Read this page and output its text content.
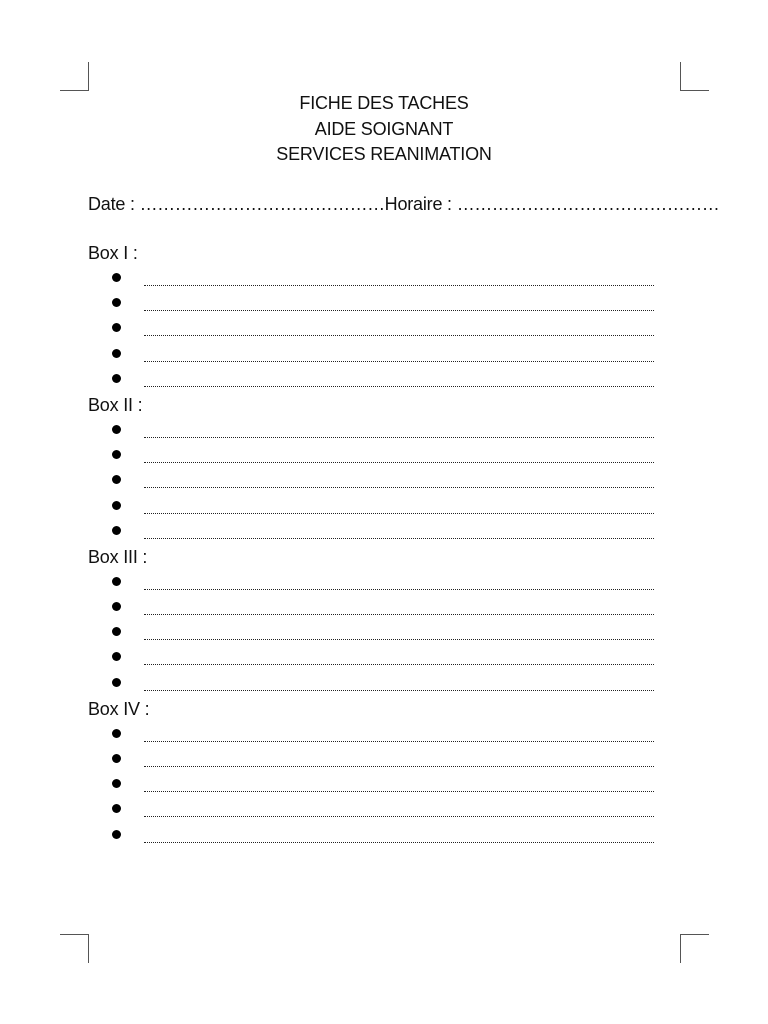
FICHE DES TACHES
AIDE SOIGNANT
SERVICES REANIMATION
Date : ……………………………………Horaire : ………………………………………
Box I :
Box II :
Box III :
Box IV :
